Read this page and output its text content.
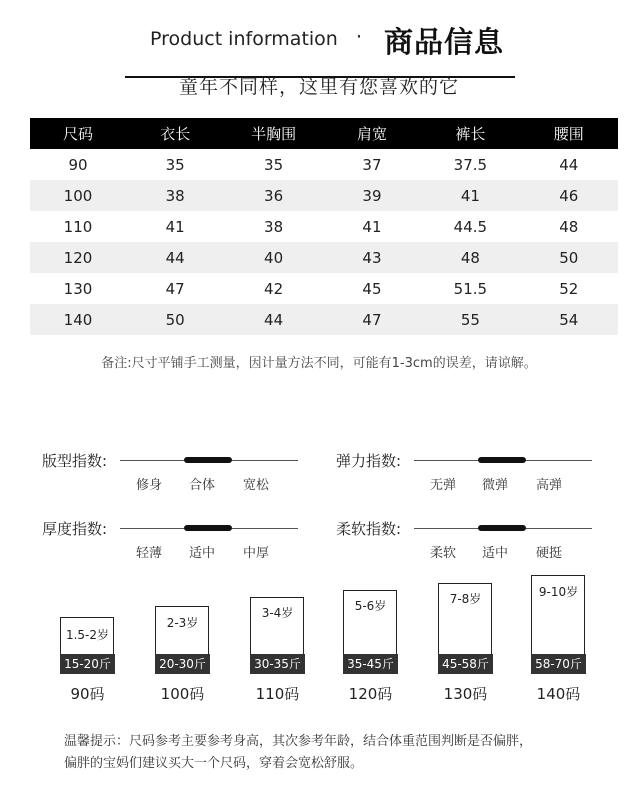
Product information · 商品信息
童年不同样，这里有您喜欢的它
尺码	衣长	半胸围	肩宽	裤长	腰围
90	35	35	37	37.5	44
100	38	36	39	41	46
110	41	38	41	44.5	48
120	44	40	43	48	50
130	47	42	45	51.5	52
140	50	44	47	55	54
备注:尺寸平铺手工测量，因计量方法不同，可能有1-3cm的误差，请谅解。
版型指数:
修身 合体 宽松
弹力指数:
无弹 微弹 高弹
厚度指数:
轻薄 适中 中厚
柔软指数:
柔软 适中 硬挺
1.5-2岁
15-20斤
90码
2-3岁
20-30斤
100码
3-4岁
30-35斤
110码
5-6岁
35-45斤
120码
7-8岁
45-58斤
130码
9-10岁
58-70斤
140码
温馨提示：尺码参考主要参考身高，其次参考年龄，结合体重范围判断是否偏胖，
偏胖的宝妈们建议买大一个尺码，穿着会宽松舒服。
